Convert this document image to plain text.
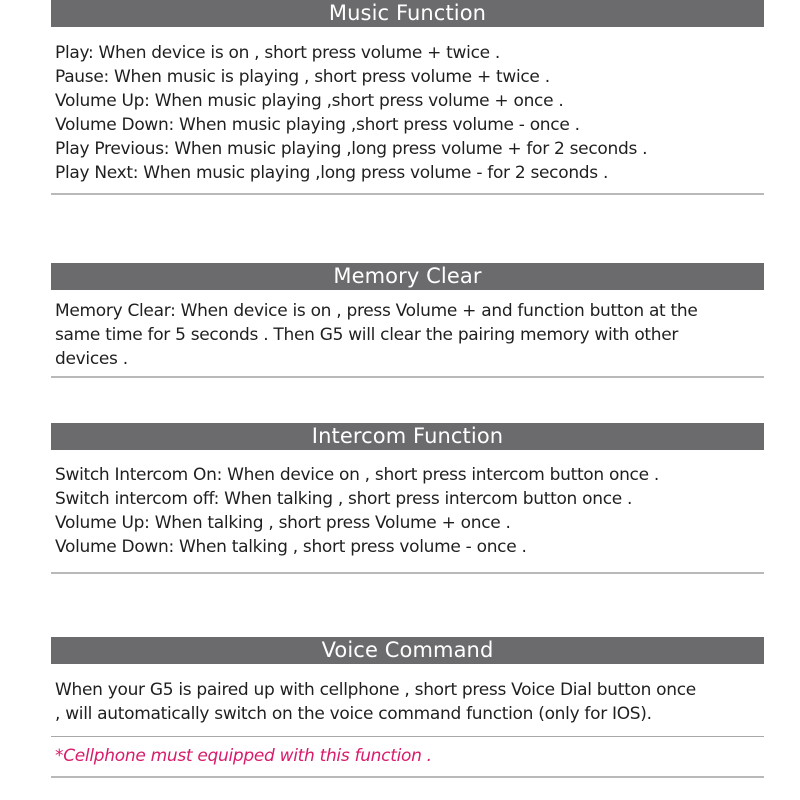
Music Function
Play: When device is on , short press volume + twice .
Pause: When music is playing , short press volume + twice .
Volume Up: When music playing ,short press volume + once .
Volume Down: When music playing ,short press volume - once .
Play Previous: When music playing ,long press volume + for 2 seconds .
Play Next: When music playing ,long press volume - for 2 seconds .
Memory Clear
Memory Clear: When device is on , press Volume + and function button at the
same time for 5 seconds . Then G5 will clear the pairing memory with other
devices .
Intercom Function
Switch Intercom On: When device on , short press intercom button once .
Switch intercom off: When talking , short press intercom button once .
Volume Up: When talking , short press Volume + once .
Volume Down: When talking , short press volume - once .
Voice Command
When your G5 is paired up with cellphone , short press Voice Dial button once
, will automatically switch on the voice command function (only for IOS).
*Cellphone must equipped with this function .
